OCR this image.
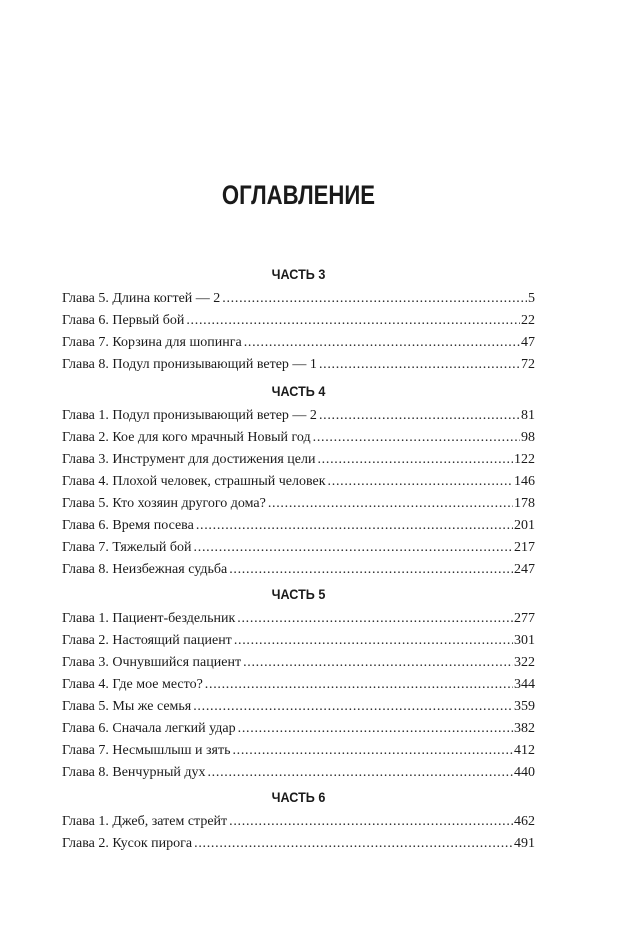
ОГЛАВЛЕНИЕ
ЧАСТЬ 3
Глава 5. Длина когтей — 2 . . .	5
Глава 6. Первый бой . . .	22
Глава 7. Корзина для шопинга . . .	47
Глава 8. Подул пронизывающий ветер — 1 . . .	72
ЧАСТЬ 4
Глава 1. Подул пронизывающий ветер — 2 . . .	81
Глава 2. Кое для кого мрачный Новый год . . .	98
Глава 3. Инструмент для достижения цели . . .	122
Глава 4. Плохой человек, страшный человек . . .	146
Глава 5. Кто хозяин другого дома? . . .	178
Глава 6. Время посева . . .	201
Глава 7. Тяжелый бой . . .	217
Глава 8. Неизбежная судьба . . .	247
ЧАСТЬ 5
Глава 1. Пациент-бездельник . . .	277
Глава 2. Настоящий пациент . . .	301
Глава 3. Очнувшийся пациент . . .	322
Глава 4. Где мое место? . . .	344
Глава 5. Мы же семья . . .	359
Глава 6. Сначала легкий удар . . .	382
Глава 7. Несмышлыш и зять . . .	412
Глава 8. Венчурный дух . . .	440
ЧАСТЬ 6
Глава 1. Джеб, затем стрейт . . .	462
Глава 2. Кусок пирога . . .	491
